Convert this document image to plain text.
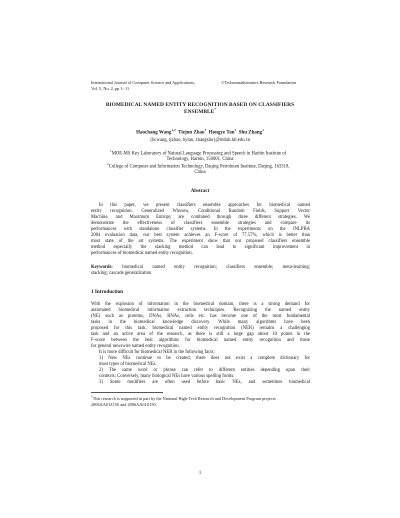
International Journal of Computer Science and Applications,	©Technomathematics Research Foundation
Vol. 5, No. 2, pp 1- 11
BIOMEDICAL NAMED ENTITY RECOGNITION BASED ON CLASSIFIERS
ENSEMBLE*
Haochang Wang$^{1,2}$  Tiejun Zhao$^1$  Hongye Tan$^1$  Shu Zhang$^1$
{hcwang, tjzhao, hytan, zhangshu}@mtlab.hit.edu.cn
$^1$MOE-MS Key Laboratory of Natural Language Processing and Speech in Harbin Institute of
Technology, Harbin, 150001, China
$^2$College of Computer and Information Technology, Daqing Petroleum Institute, Daqing, 163318,
China
Abstract
In this paper, we present classifiers ensemble approaches for biomedical named
entity recognition. Generalized Winnow, Conditional Random Fields, Support Vector
Machine, and Maximum Entropy are combined through three different strategies. We
demonstrate the effectiveness of classifiers ensemble strategies and compare its
performances with standalone classifier systems. In the experiments on the JNLPBA
2004 evaluation data, our best system achieves an F-score of 77.57%, which is better than
most state of the art systems. The experiment show that our proposed classifiers ensemble
method especially the stacking method can lead to significant improvement in
performances of biomedical named entity recognition.
Keywords: biomedical named entity recognition; classifiers ensemble; meta-learning;
stacking; cascade generalization
1 Introduction
With the explosion of information in the biomedical domain, there is a strong demand for
automated biomedical information extraction techniques. Recognizing the named entity
(NE) such as proteins, DNAs, RNAs, cells etc. has become one of the most fundamental
tasks in the biomedical knowledge discovery. While many algorithms have been
proposed for this task, biomedical named entity recognition (NER) remains a challenging
task and an active area of the research, as there is still a large gap about 10 points in the
F-score between the best algorithms for biomedical named entity recognition and those
for general newswire named entity recognition.
It is more difficult for biomedical NER in the following facts:
1) New NEs continue to be created, there does not exist a complete dictionary for
most types of biomedical NEs.
2) The same word or phrase can refer to different entities depending upon their
contexts; Conversely, many biological NEs have various spelling forms.
3) Some modifiers are often used before basic NEs, and sometimes biomedical
*This research is supported in part by the National High-Tech Research and Development Program projects
2006AA01Z150 and 2006AA01Z150.
1
